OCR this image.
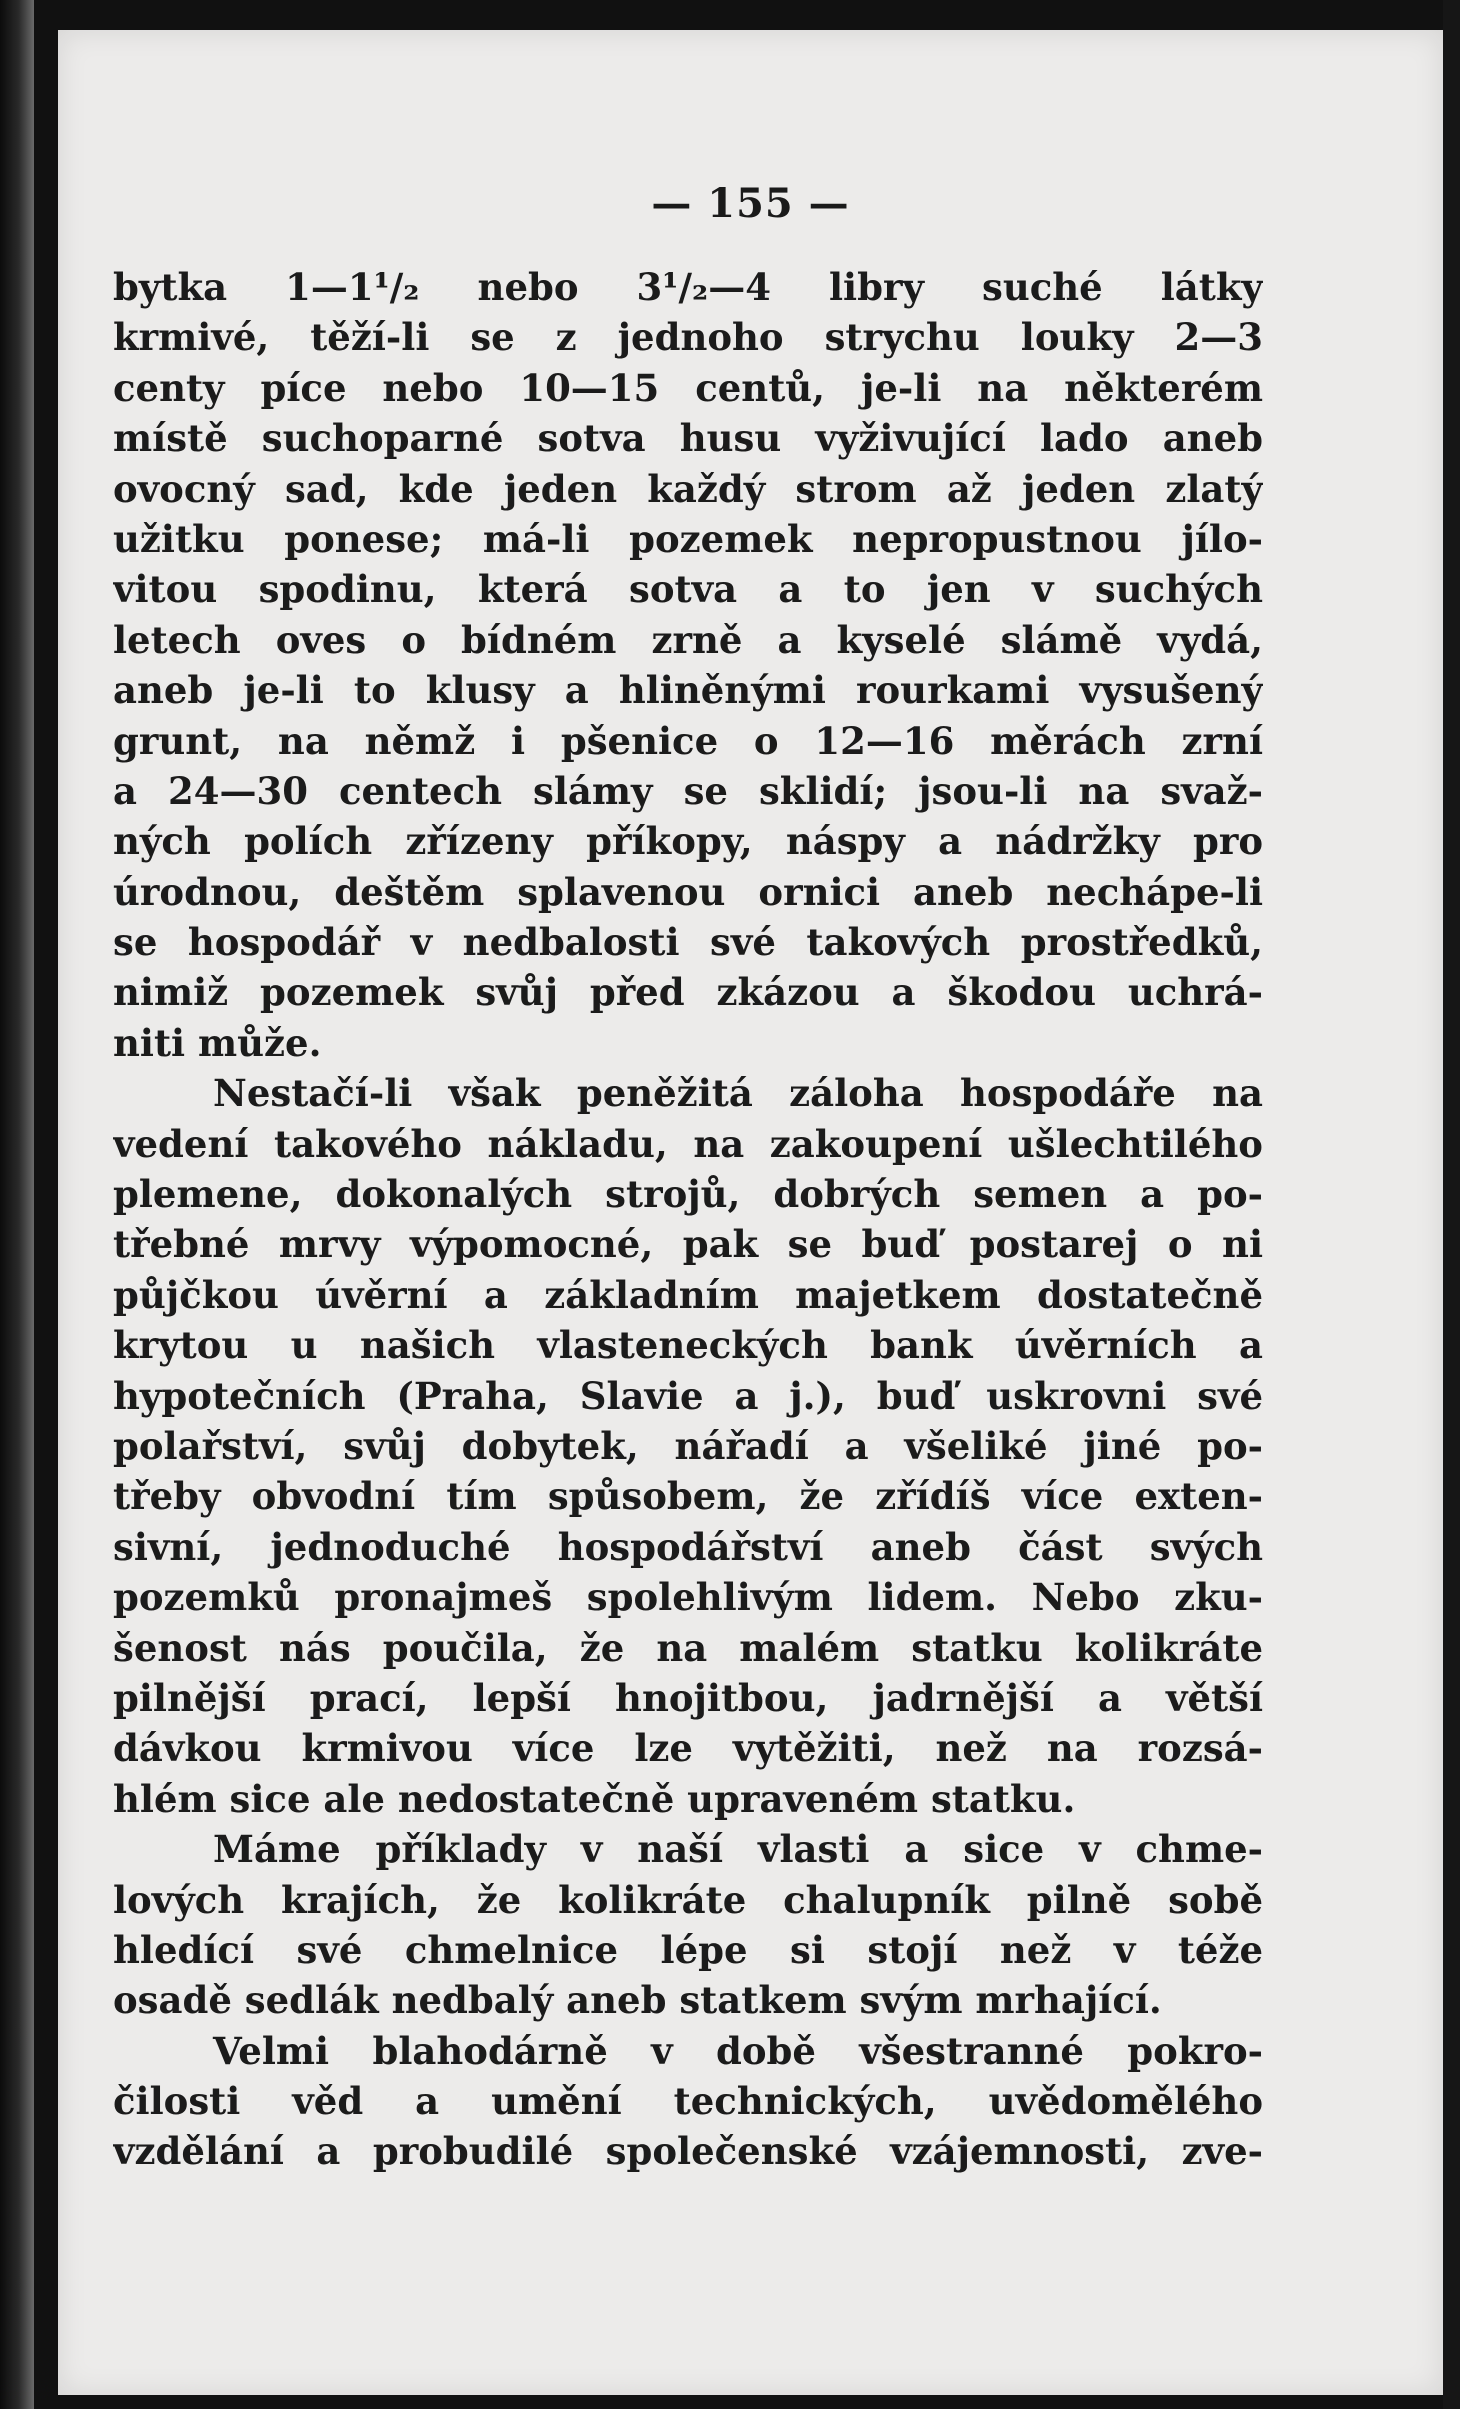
— 155 —
bytka 1—1¹/₂ nebo 3¹/₂—4 libry suché látky
krmivé, těží-li se z jednoho strychu louky 2—3
centy píce nebo 10—15 centů, je-li na některém
místě suchoparné sotva husu vyživující lado aneb
ovocný sad, kde jeden každý strom až jeden zlatý
užitku ponese; má-li pozemek nepropustnou jílo-
vitou spodinu, která sotva a to jen v suchých
letech oves o bídném zrně a kyselé slámě vydá,
aneb je-li to klusy a hliněnými rourkami vysušený
grunt, na němž i pšenice o 12—16 měrách zrní
a 24—30 centech slámy se sklidí; jsou-li na svaž-
ných polích zřízeny příkopy, náspy a nádržky pro
úrodnou, deštěm splavenou ornici aneb nechápe-li
se hospodář v nedbalosti své takových prostředků,
nimiž pozemek svůj před zkázou a škodou uchrá-
niti může.
Nestačí-li však peněžitá záloha hospodáře na
vedení takového nákladu, na zakoupení ušlechtilého
plemene, dokonalých strojů, dobrých semen a po-
třebné mrvy výpomocné, pak se buď postarej o ni
půjčkou úvěrní a základním majetkem dostatečně
krytou u našich vlasteneckých bank úvěrních a
hypotečních (Praha, Slavie a j.), buď uskrovni své
polařství, svůj dobytek, nářadí a všeliké jiné po-
třeby obvodní tím spůsobem, že zřídíš více exten-
sivní, jednoduché hospodářství aneb část svých
pozemků pronajmeš spolehlivým lidem. Nebo zku-
šenost nás poučila, že na malém statku kolikráte
pilnější prací, lepší hnojitbou, jadrnější a větší
dávkou krmivou více lze vytěžiti, než na rozsá-
hlém sice ale nedostatečně upraveném statku.
Máme příklady v naší vlasti a sice v chme-
lových krajích, že kolikráte chalupník pilně sobě
hledící své chmelnice lépe si stojí než v téže
osadě sedlák nedbalý aneb statkem svým mrhající.
Velmi blahodárně v době všestranné pokro-
čilosti věd a umění technických, uvědomělého
vzdělání a probudilé společenské vzájemnosti, zve-
